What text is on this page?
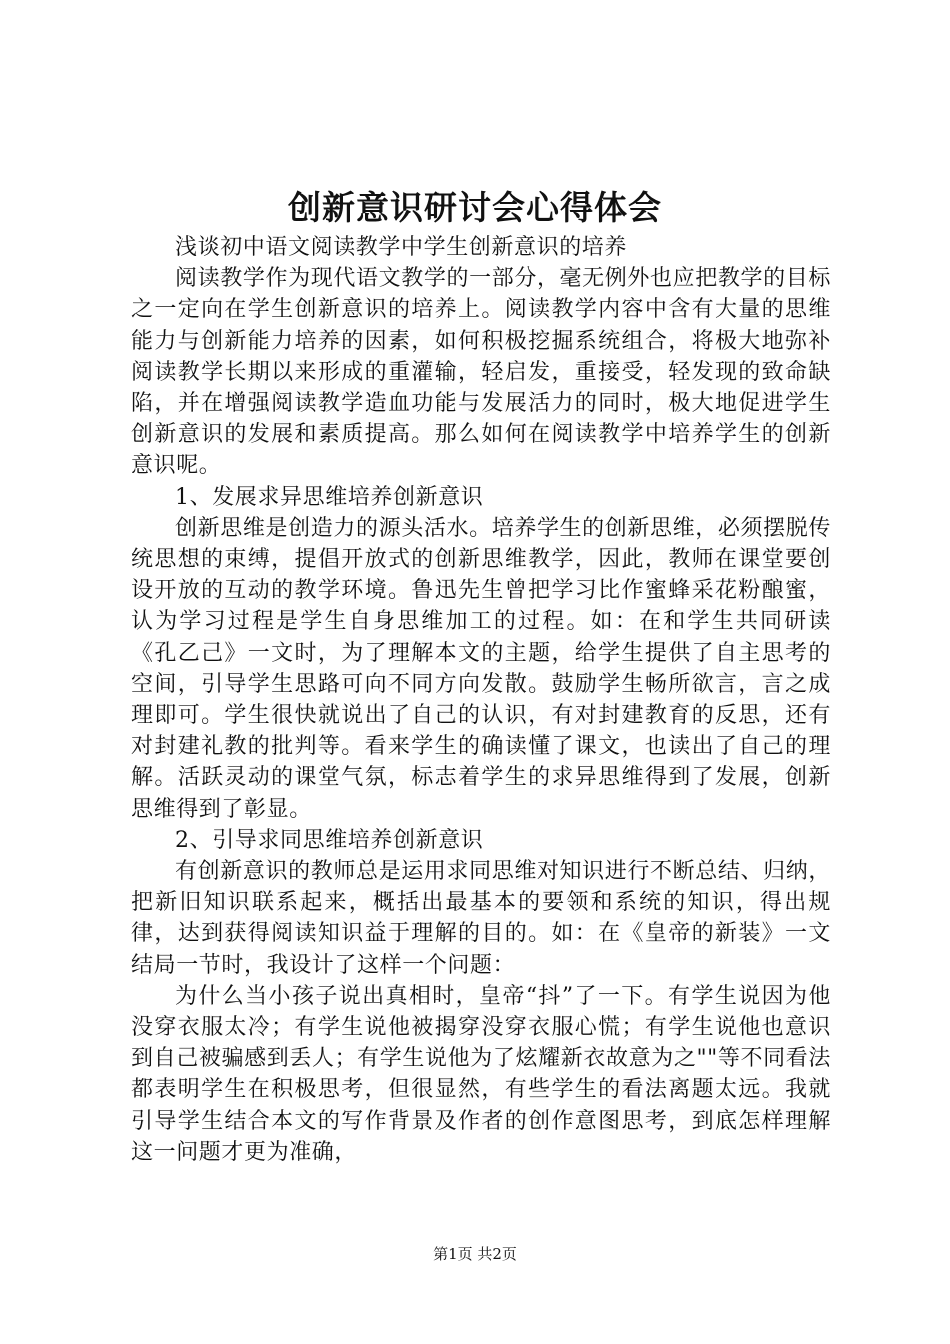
创新意识研讨会心得体会

浅谈初中语文阅读教学中学生创新意识的培养

阅读教学作为现代语文教学的一部分，毫无例外也应把教学的目标之一定向在学生创新意识的培养上。阅读教学内容中含有大量的思维能力与创新能力培养的因素，如何积极挖掘系统组合，将极大地弥补阅读教学长期以来形成的重灌输，轻启发，重接受，轻发现的致命缺陷，并在增强阅读教学造血功能与发展活力的同时，极大地促进学生创新意识的发展和素质提高。那么如何在阅读教学中培养学生的创新意识呢。

1、发展求异思维培养创新意识

创新思维是创造力的源头活水。培养学生的创新思维，必须摆脱传统思想的束缚，提倡开放式的创新思维教学，因此，教师在课堂要创设开放的互动的教学环境。鲁迅先生曾把学习比作蜜蜂采花粉酿蜜，认为学习过程是学生自身思维加工的过程。如：在和学生共同研读《孔乙己》一文时，为了理解本文的主题，给学生提供了自主思考的空间，引导学生思路可向不同方向发散。鼓励学生畅所欲言，言之成理即可。学生很快就说出了自己的认识，有对封建教育的反思，还有对封建礼教的批判等。看来学生的确读懂了课文，也读出了自己的理解。活跃灵动的课堂气氛，标志着学生的求异思维得到了发展，创新思维得到了彰显。

2、引导求同思维培养创新意识

有创新意识的教师总是运用求同思维对知识进行不断总结、归纳，把新旧知识联系起来，概括出最基本的要领和系统的知识，得出规律，达到获得阅读知识益于理解的目的。如：在《皇帝的新装》一文结局一节时，我设计了这样一个问题：

为什么当小孩子说出真相时，皇帝“抖”了一下。有学生说因为他没穿衣服太冷；有学生说他被揭穿没穿衣服心慌；有学生说他也意识到自己被骗感到丢人；有学生说他为了炫耀新衣故意为之""等不同看法都表明学生在积极思考，但很显然，有些学生的看法离题太远。我就引导学生结合本文的写作背景及作者的创作意图思考，到底怎样理解这一问题才更为准确，

第1页 共2页
